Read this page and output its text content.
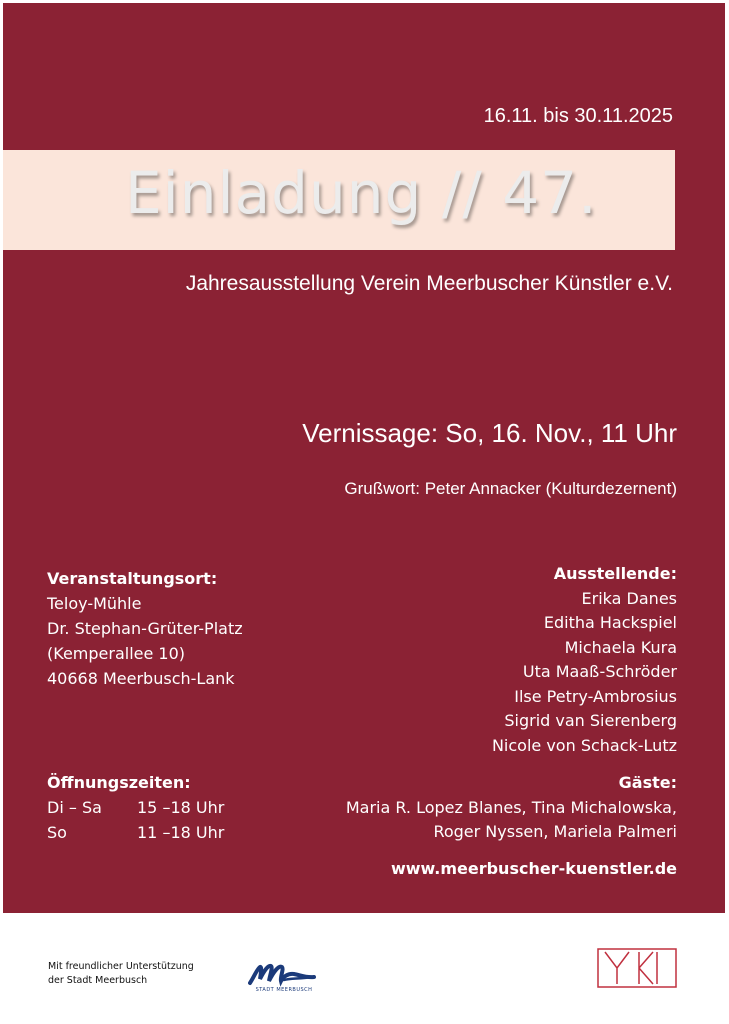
16.11. bis 30.11.2025
Einladung // 47.
Jahresausstellung Verein Meerbuscher Künstler e.V.
Vernissage: So, 16. Nov., 11 Uhr
Grußwort: Peter Annacker (Kulturdezernent)
Veranstaltungsort:
Teloy-Mühle
Dr. Stephan-Grüter-Platz
(Kemperallee 10)
40668 Meerbusch-Lank
Öffnungszeiten:
Di – Sa	15 –18 Uhr
So	11 –18 Uhr
Ausstellende:
Erika Danes
Editha Hackspiel
Michaela Kura
Uta Maaß-Schröder
Ilse Petry-Ambrosius
Sigrid van Sierenberg
Nicole von Schack-Lutz
Gäste:
Maria R. Lopez Blanes, Tina Michalowska,
Roger Nyssen, Mariela Palmeri
www.meerbuscher-kuenstler.de
Mit freundlicher Unterstützung
der Stadt Meerbusch
STADT MEERBUSCH
